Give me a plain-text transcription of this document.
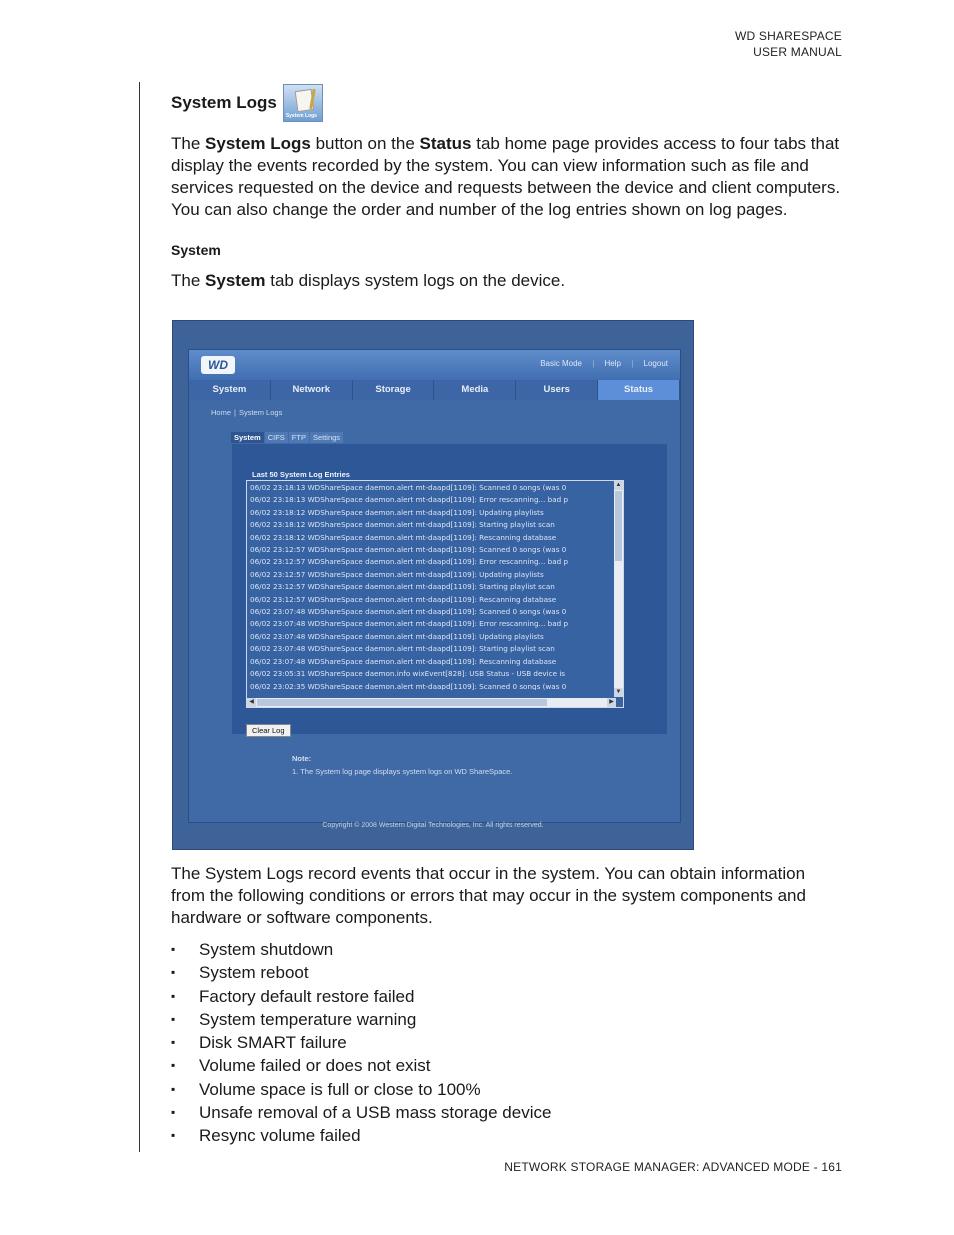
WD SHARESPACE
USER MANUAL
System Logs
System Logs

The System Logs button on the Status tab home page provides access to four tabs that display the events recorded by the system. You can view information such as file and services requested on the device and requests between the device and client computers. You can also change the order and number of the log entries shown on log pages.

System

The System tab displays system logs on the device.

WD	Basic Mode | Help | Logout
System	Network	Storage	Media	Users	Status
Home | System Logs
System CIFS FTP Settings
Last 50 System Log Entries
06/02 23:18:13 WDShareSpace daemon.alert mt-daapd[1109]: Scanned 0 songs (was 0
06/02 23:18:13 WDShareSpace daemon.alert mt-daapd[1109]: Error rescanning... bad p
06/02 23:18:12 WDShareSpace daemon.alert mt-daapd[1109]: Updating playlists
06/02 23:18:12 WDShareSpace daemon.alert mt-daapd[1109]: Starting playlist scan
06/02 23:18:12 WDShareSpace daemon.alert mt-daapd[1109]: Rescanning database
06/02 23:12:57 WDShareSpace daemon.alert mt-daapd[1109]: Scanned 0 songs (was 0
06/02 23:12:57 WDShareSpace daemon.alert mt-daapd[1109]: Error rescanning... bad p
06/02 23:12:57 WDShareSpace daemon.alert mt-daapd[1109]: Updating playlists
06/02 23:12:57 WDShareSpace daemon.alert mt-daapd[1109]: Starting playlist scan
06/02 23:12:57 WDShareSpace daemon.alert mt-daapd[1109]: Rescanning database
06/02 23:07:48 WDShareSpace daemon.alert mt-daapd[1109]: Scanned 0 songs (was 0
06/02 23:07:48 WDShareSpace daemon.alert mt-daapd[1109]: Error rescanning... bad p
06/02 23:07:48 WDShareSpace daemon.alert mt-daapd[1109]: Updating playlists
06/02 23:07:48 WDShareSpace daemon.alert mt-daapd[1109]: Starting playlist scan
06/02 23:07:48 WDShareSpace daemon.alert mt-daapd[1109]: Rescanning database
06/02 23:05:31 WDShareSpace daemon.info wixEvent[828]: USB Status - USB device is
06/02 23:02:35 WDShareSpace daemon.alert mt-daapd[1109]: Scanned 0 songs (was 0
▲
▼
◀	▶
Clear Log
Note:
1. The System log page displays system logs on WD ShareSpace.
Copyright © 2008 Western Digital Technologies, Inc. All rights reserved.

The System Logs record events that occur in the system. You can obtain information from the following conditions or errors that may occur in the system components and hardware or software components.

▪ System shutdown
▪ System reboot
▪ Factory default restore failed
▪ System temperature warning
▪ Disk SMART failure
▪ Volume failed or does not exist
▪ Volume space is full or close to 100%
▪ Unsafe removal of a USB mass storage device
▪ Resync volume failed
NETWORK STORAGE MANAGER: ADVANCED MODE - 161
